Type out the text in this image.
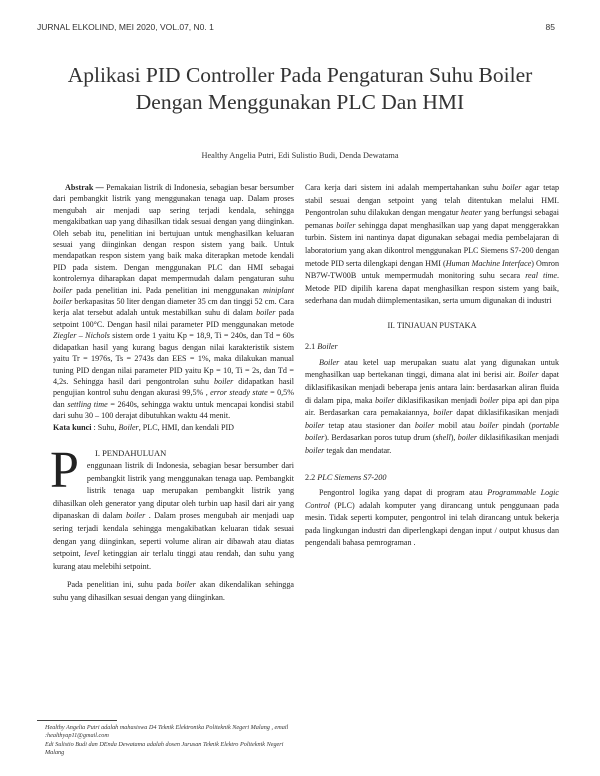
JURNAL ELKOLIND, MEI 2020, VOL.07, N0. 1	85
Aplikasi PID Controller Pada Pengaturan Suhu Boiler
Dengan Menggunakan PLC Dan HMI
Healthy Angelia Putri, Edi Sulistio Budi, Denda Dewatama

Abstrak — Pemakaian listrik di Indonesia, sebagian besar bersumber dari pembangkit listrik yang menggunakan tenaga uap. Dalam proses mengubah air menjadi uap sering terjadi kendala, sehingga mengakibatkan uap yang dihasilkan tidak sesuai dengan yang diinginkan. Oleh sebab itu, penelitian ini bertujuan untuk menghasilkan keluaran sesuai yang diinginkan dengan respon sistem yang baik. Untuk mendapatkan respon sistem yang baik maka diterapkan metode kendali PID pada sistem. Dengan menggunakan PLC dan HMI sebagai kontrolernya diharapkan dapat mempermudah dalam pengaturan suhu boiler pada penelitian ini. Pada penelitian ini menggunakan miniplant boiler berkapasitas 50 liter dengan diameter 35 cm dan tinggi 52 cm. Cara kerja alat tersebut adalah untuk mestabilkan suhu di dalam boiler pada setpoint 100°C. Dengan hasil nilai parameter PID menggunakan metode Ziegler – Nichols sistem orde 1 yaitu Kp = 18,9, Ti = 240s, dan Td = 60s didapatkan hasil yang kurang bagus dengan nilai karakteristik sistem yaitu Tr = 1976s, Ts = 2743s dan EES = 1%, maka dilakukan manual tuning PID dengan nilai parameter PID yaitu Kp = 10, Ti = 2s, dan Td = 4,2s. Sehingga hasil dari pengontrolan suhu boiler didapatkan hasil pengujian kontrol suhu dengan akurasi 99,5% , error steady state = 0,5% dan settling time = 2640s, sehingga waktu untuk mencapai kondisi stabil dari suhu 30 – 100 derajat dibutuhkan waktu 44 menit.

Kata kunci : Suhu, Boiler, PLC, HMI, dan kendali PID

P I. PENDAHULUAN

enggunaan listrik di Indonesia, sebagian besar bersumber dari pembangkit listrik yang menggunakan tenaga uap. Pembangkit listrik tenaga uap merupakan pembangkit listrik yang dihasilkan oleh generator yang diputar oleh turbin uap hasil dari air yang dipanaskan di dalam boiler . Dalam proses mengubah air menjadi uap sering terjadi kendala sehingga mengakibatkan keluaran tidak sesuai dengan yang diinginkan, seperti volume aliran air dibawah atau diatas setpoint, level ketinggian air terlalu tinggi atau rendah, dan suhu yang kurang atau melebihi setpoint.

Pada penelitian ini, suhu pada boiler akan dikendalikan sehingga suhu yang dihasilkan sesuai dengan yang diinginkan.

Cara kerja dari sistem ini adalah mempertahankan suhu boiler agar tetap stabil sesuai dengan setpoint yang telah ditentukan melalui HMI. Pengontrolan suhu dilakukan dengan mengatur heater yang berfungsi sebagai pemanas boiler sehingga dapat menghasilkan uap yang dapat menggerakkan turbin. Sistem ini nantinya dapat digunakan sebagai media pembelajaran di laboratorium yang akan dikontrol menggunakan PLC Siemens S7-200 dengan metode PID serta dilengkapi dengan HMI (Human Machine Interface) Omron NB7W-TW00B untuk mempermudah monitoring suhu secara real time. Metode PID dipilih karena dapat menghasilkan respon sistem yang baik, sederhana dan mudah diimplementasikan, serta umum digunakan di industri

II. TINJAUAN PUSTAKA
2.1 Boiler

Boiler atau ketel uap merupakan suatu alat yang digunakan untuk menghasilkan uap bertekanan tinggi, dimana alat ini berisi air. Boiler dapat diklasifikasikan menjadi beberapa jenis antara lain: berdasarkan aliran fluida di dalam pipa, maka boiler diklasifikasikan menjadi boiler pipa api dan pipa air. Berdasarkan cara pemakaiannya, boiler dapat diklasifikasikan menjadi boiler tetap atau stasioner dan boiler mobil atau boiler pindah (portable boiler). Berdasarkan poros tutup drum (shell), boiler diklasifikasikan menjadi boiler tegak dan mendatar.

2.2 PLC Siemens S7-200

Pengontrol logika yang dapat di program atau Programmable Logic Control (PLC) adalah komputer yang dirancang untuk penggunaan pada mesin. Tidak seperti komputer, pengontrol ini telah dirancang untuk bekerja pada lingkungan industri dan diperlengkapi dengan input / output khusus dan pengendali bahasa pemrograman .

Healthy Angelia Putri adalah mahasiswa D4 Teknik Elektronika Politeknik Negeri Malang , email :healthyap11@gmail.com
Edi Sulistio Budi dan DEnda Dewatama adalah dosen Jurusan Teknik Elektro Politeknik Negeri Malang
